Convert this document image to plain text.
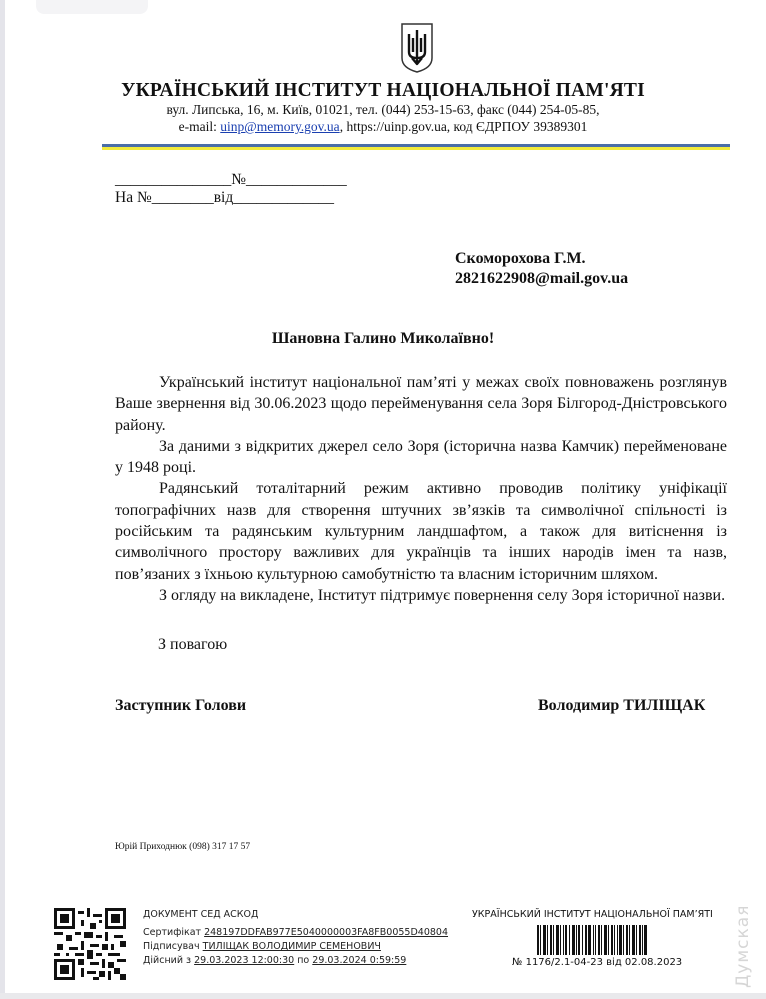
УКРАЇНСЬКИЙ ІНСТИТУТ НАЦІОНАЛЬНОЇ ПАМ'ЯТІ
вул. Липська, 16, м. Київ, 01021, тел. (044) 253-15-63, факс (044) 254-05-85,
e-mail: uinp@memory.gov.ua, https://uinp.gov.ua, код ЄДРПОУ 39389301
_______________№_____________
На №________від_____________
Скоморохова Г.М.
2821622908@mail.gov.ua
Шановна Галино Миколаївно!

Український інститут національної пам’яті у межах своїх повноважень розглянув Ваше звернення від 30.06.2023 щодо перейменування села Зоря Білгород-Дністровського району.

За даними з відкритих джерел село Зоря (історична назва Камчик) перейменоване у 1948 році.

Радянський тоталітарний режим активно проводив політику уніфікації топографічних назв для створення штучних зв’язків та символічної спільності із російським та радянським культурним ландшафтом, а також для витіснення із символічного простору важливих для українців та інших народів імен та назв, пов’язаних з їхньою культурною самобутністю та власним історичним шляхом.

З огляду на викладене, Інститут підтримує повернення селу Зоря історичної назви.

З повагою
Заступник Голови	Володимир ТИЛІЩАК
Юрій Приходнюк (098) 317 17 57
ДОКУМЕНТ СЕД АСКОД
Сертифікат 248197DDFAB977E5040000003FA8FB0055D40804
Підписувач ТИЛІЩАК ВОЛОДИМИР СЕМЕНОВИЧ
Дійсний з 29.03.2023 12:00:30 по 29.03.2024 0:59:59
УКРАЇНСЬКИЙ ІНСТИТУТ НАЦІОНАЛЬНОЇ ПАМ’ЯТІ
№ 1176/2.1-04-23 від 02.08.2023	Думская
